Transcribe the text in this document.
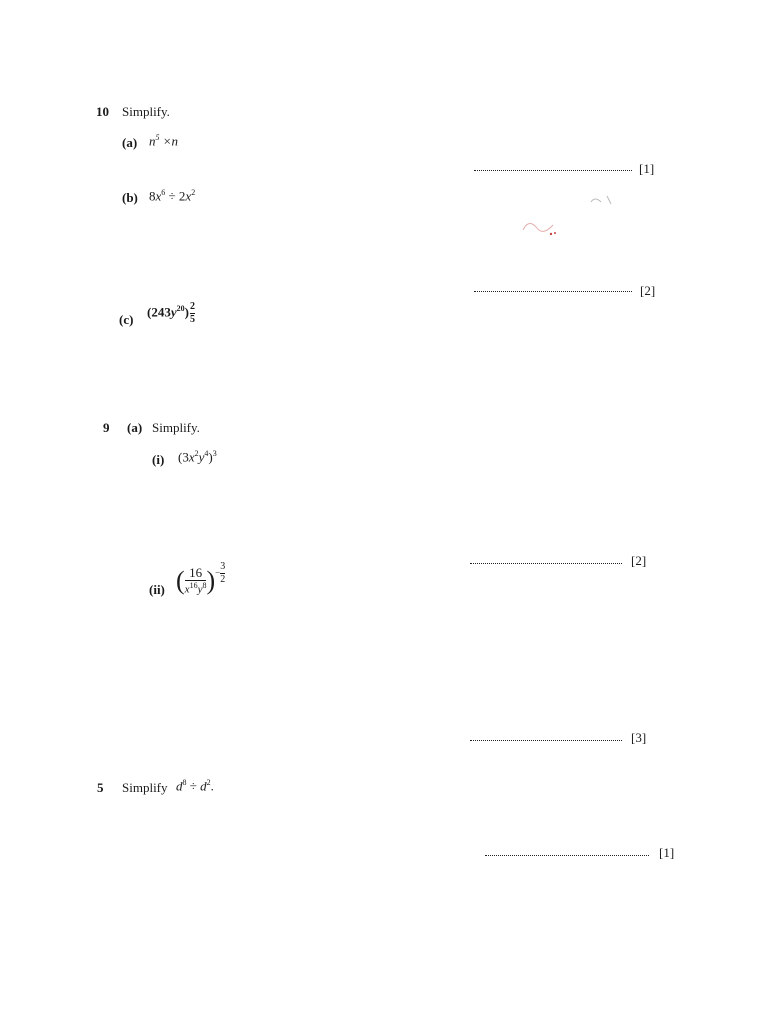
10 Simplify.
(a) $n^5 \times n$
[1]
(b) $8x^6 \div 2x^2$
[2]
(c)
$(243y^{20}) \frac{2}{5}$
9 (a) Simplify.
(i) $(3x^2y^4)^3$
[2]
(ii) ( $\frac{16}{x^{16}y^8}$ )− $\frac{3}{2}$
[3]
5 Simplify $d^8 \div d^2$.
[1]
